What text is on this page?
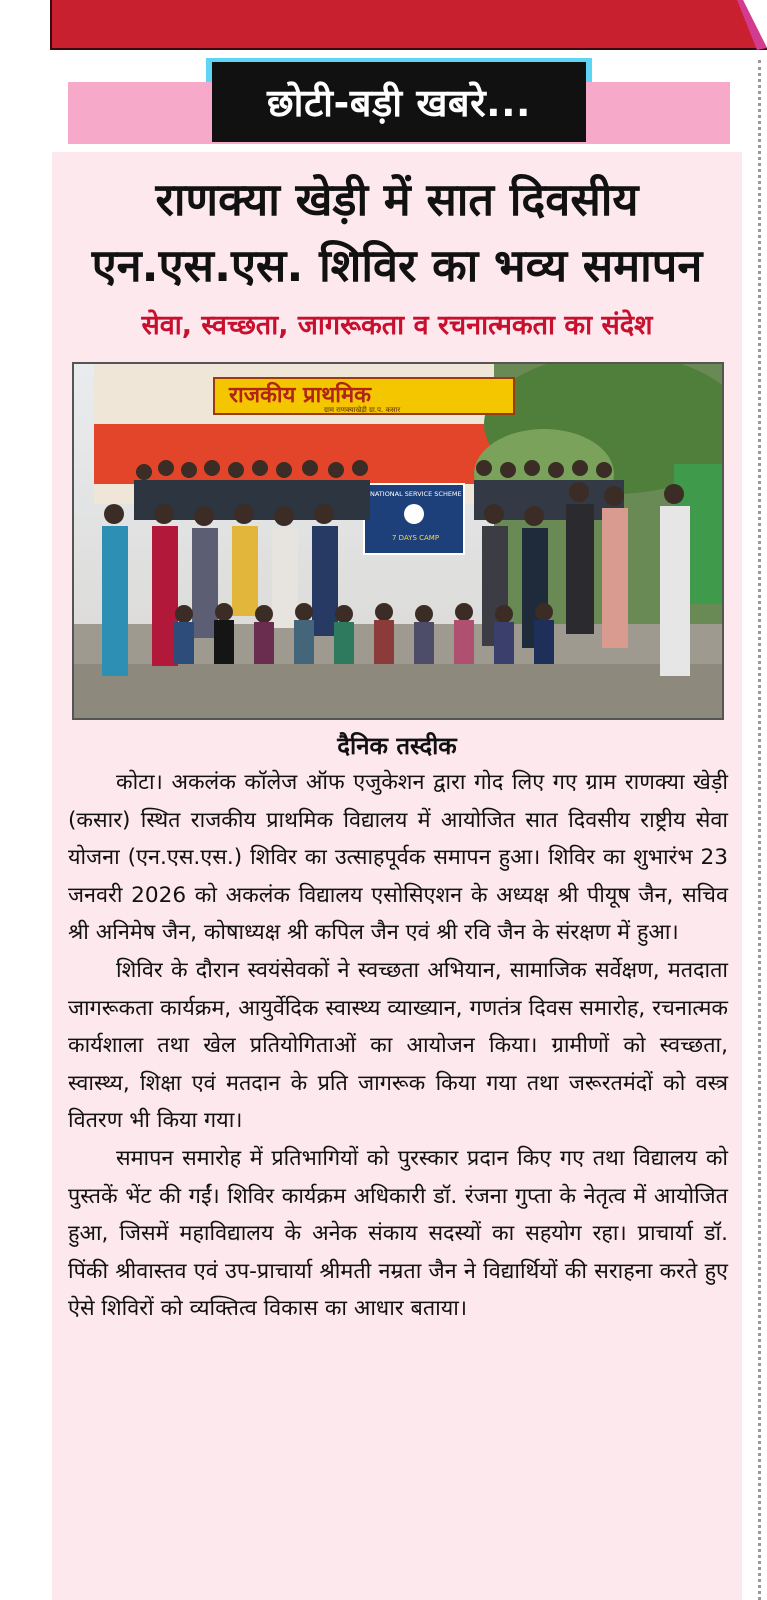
छोटी-बड़ी खबरे...
राणक्या खेड़ी में सात दिवसीय
एन.एस.एस. शिविर का भव्य समापन
सेवा, स्वच्छता, जागरूकता व रचनात्मकता का संदेश
राजकीय प्राथमिक
ग्राम राणक्याखेड़ी ग्रा.प. कसार
NATIONAL SERVICE SCHEME
7 DAYS CAMP
दैनिक तस्दीक

कोटा। अकलंक कॉलेज ऑफ एजुकेशन द्वारा गोद लिए गए ग्राम राणक्या खेड़ी (कसार) स्थित राजकीय प्राथमिक विद्यालय में आयोजित सात दिवसीय राष्ट्रीय सेवा योजना (एन.एस.एस.) शिविर का उत्साहपूर्वक समापन हुआ। शिविर का शुभारंभ 23 जनवरी 2026 को अकलंक विद्यालय एसोसिएशन के अध्यक्ष श्री पीयूष जैन, सचिव श्री अनिमेष जैन, कोषाध्यक्ष श्री कपिल जैन एवं श्री रवि जैन के संरक्षण में हुआ।

शिविर के दौरान स्वयंसेवकों ने स्वच्छता अभियान, सामाजिक सर्वेक्षण, मतदाता जागरूकता कार्यक्रम, आयुर्वेदिक स्वास्थ्य व्याख्यान, गणतंत्र दिवस समारोह, रचनात्मक कार्यशाला तथा खेल प्रतियोगिताओं का आयोजन किया। ग्रामीणों को स्वच्छता, स्वास्थ्य, शिक्षा एवं मतदान के प्रति जागरूक किया गया तथा जरूरतमंदों को वस्त्र वितरण भी किया गया।

समापन समारोह में प्रतिभागियों को पुरस्कार प्रदान किए गए तथा विद्यालय को पुस्तकें भेंट की गईं। शिविर कार्यक्रम अधिकारी डॉ. रंजना गुप्ता के नेतृत्व में आयोजित हुआ, जिसमें महाविद्यालय के अनेक संकाय सदस्यों का सहयोग रहा। प्राचार्या डॉ. पिंकी श्रीवास्तव एवं उप-प्राचार्या श्रीमती नम्रता जैन ने विद्यार्थियों की सराहना करते हुए ऐसे शिविरों को व्यक्तित्व विकास का आधार बताया।
